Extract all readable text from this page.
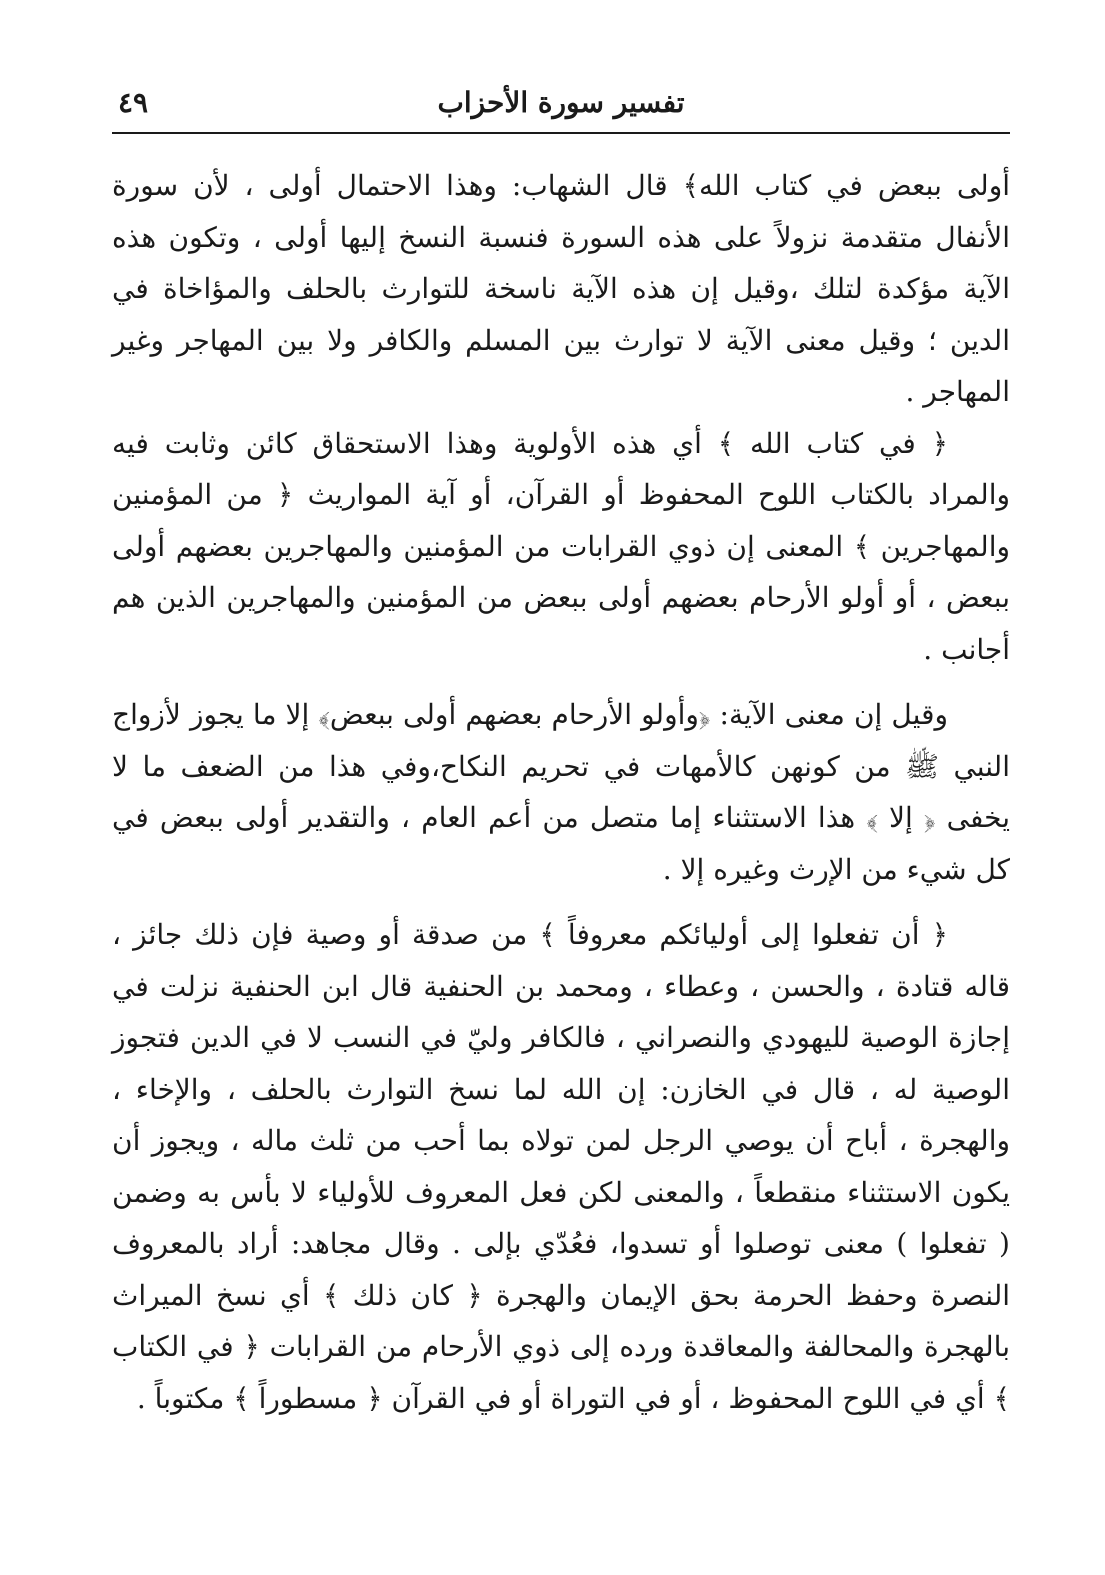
تفسير سورة الأحزاب
٤٩

أولى ببعض في كتاب الله﴾ قال الشهاب: وهذا الاحتمال أولى ، لأن سورة الأنفال متقدمة نزولاً على هذه السورة فنسبة النسخ إليها أولى ، وتكون هذه الآية مؤكدة لتلك ،وقيل إن هذه الآية ناسخة للتوارث بالحلف والمؤاخاة في الدين ؛ وقيل معنى الآية لا توارث بين المسلم والكافر ولا بين المهاجر وغير المهاجر .

﴿ في كتاب الله ﴾ أي هذه الأولوية وهذا الاستحقاق كائن وثابت فيه والمراد بالكتاب اللوح المحفوظ أو القرآن، أو آية المواريث ﴿ من المؤمنين والمهاجرين ﴾ المعنى إن ذوي القرابات من المؤمنين والمهاجرين بعضهم أولى ببعض ، أو أولو الأرحام بعضهم أولى ببعض من المؤمنين والمهاجرين الذين هم أجانب .

وقيل إن معنى الآية: ﴿وأولو الأرحام بعضهم أولى ببعض﴾ إلا ما يجوز لأزواج النبي ﷺ من كونهن كالأمهات في تحريم النكاح،وفي هذا من الضعف ما لا يخفى ﴿ إلا ﴾ هذا الاستثناء إما متصل من أعم العام ، والتقدير أولى ببعض في كل شيء من الإرث وغيره إلا .

﴿ أن تفعلوا إلى أوليائكم معروفاً ﴾ من صدقة أو وصية فإن ذلك جائز ، قاله قتادة ، والحسن ، وعطاء ، ومحمد بن الحنفية قال ابن الحنفية نزلت في إجازة الوصية لليهودي والنصراني ، فالكافر وليّ في النسب لا في الدين فتجوز الوصية له ، قال في الخازن: إن الله لما نسخ التوارث بالحلف ، والإخاء ، والهجرة ، أباح أن يوصي الرجل لمن تولاه بما أحب من ثلث ماله ، ويجوز أن يكون الاستثناء منقطعاً ، والمعنى لكن فعل المعروف للأولياء لا بأس به وضمن ( تفعلوا ) معنى توصلوا أو تسدوا، فعُدّي بإلى . وقال مجاهد: أراد بالمعروف النصرة وحفظ الحرمة بحق الإيمان والهجرة ﴿ كان ذلك ﴾ أي نسخ الميراث بالهجرة والمحالفة والمعاقدة ورده إلى ذوي الأرحام من القرابات ﴿ في الكتاب ﴾ أي في اللوح المحفوظ ، أو في التوراة أو في القرآن ﴿ مسطوراً ﴾ مكتوباً .
